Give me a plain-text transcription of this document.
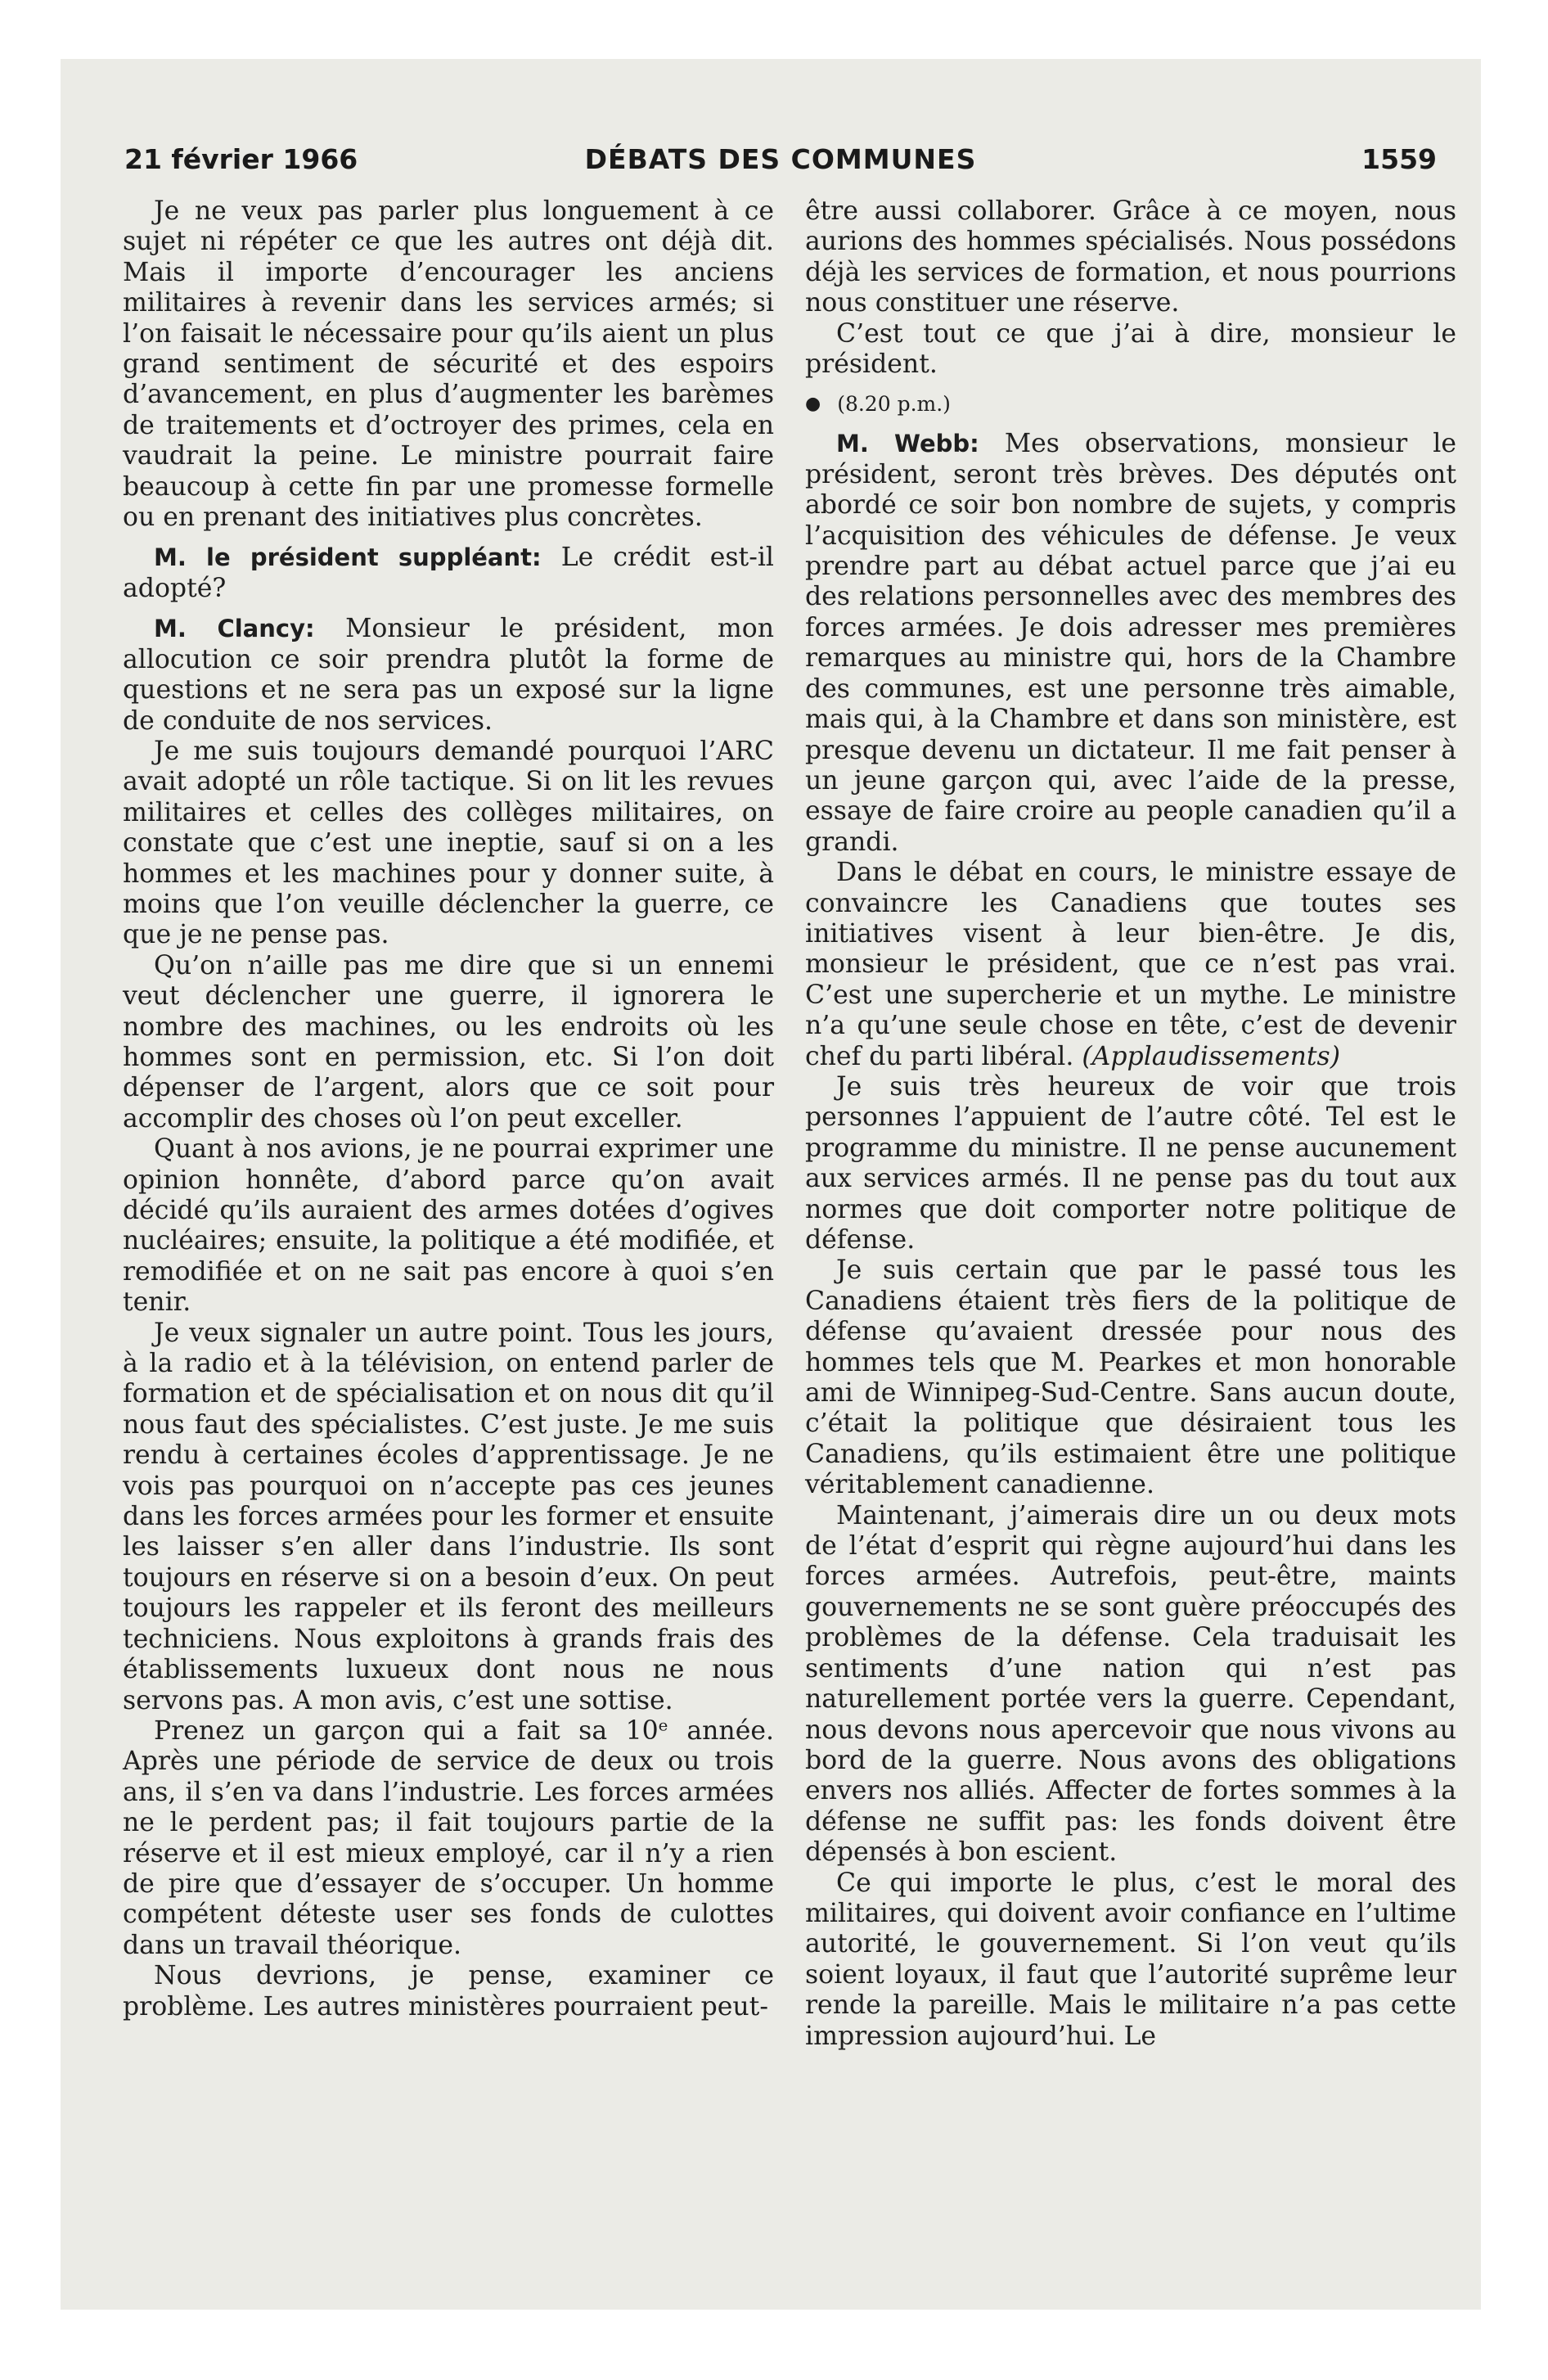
21 février 1966	DÉBATS DES COMMUNES	1559

Je ne veux pas parler plus longuement à ce sujet ni répéter ce que les autres ont déjà dit. Mais il importe d’encourager les anciens militaires à revenir dans les services armés; si l’on faisait le nécessaire pour qu’ils aient un plus grand sentiment de sécurité et des espoirs d’avancement, en plus d’augmenter les barèmes de traitements et d’octroyer des primes, cela en vaudrait la peine. Le ministre pourrait faire beaucoup à cette fin par une promesse formelle ou en prenant des initiatives plus concrètes.

M. le président suppléant: Le crédit est-il adopté?

M. Clancy: Monsieur le président, mon allocution ce soir prendra plutôt la forme de questions et ne sera pas un exposé sur la ligne de conduite de nos services.

Je me suis toujours demandé pourquoi l’ARC avait adopté un rôle tactique. Si on lit les revues militaires et celles des collèges militaires, on constate que c’est une ineptie, sauf si on a les hommes et les machines pour y donner suite, à moins que l’on veuille déclencher la guerre, ce que je ne pense pas.

Qu’on n’aille pas me dire que si un ennemi veut déclencher une guerre, il ignorera le nombre des machines, ou les endroits où les hommes sont en permission, etc. Si l’on doit dépenser de l’argent, alors que ce soit pour accomplir des choses où l’on peut exceller.

Quant à nos avions, je ne pourrai exprimer une opinion honnête, d’abord parce qu’on avait décidé qu’ils auraient des armes dotées d’ogives nucléaires; ensuite, la politique a été modifiée, et remodifiée et on ne sait pas encore à quoi s’en tenir.

Je veux signaler un autre point. Tous les jours, à la radio et à la télévision, on entend parler de formation et de spécialisation et on nous dit qu’il nous faut des spécialistes. C’est juste. Je me suis rendu à certaines écoles d’apprentissage. Je ne vois pas pourquoi on n’accepte pas ces jeunes dans les forces armées pour les former et ensuite les laisser s’en aller dans l’industrie. Ils sont toujours en réserve si on a besoin d’eux. On peut toujours les rappeler et ils feront des meilleurs techniciens. Nous exploitons à grands frais des établissements luxueux dont nous ne nous servons pas. A mon avis, c’est une sottise.

Prenez un garçon qui a fait sa 10ᵉ année. Après une période de service de deux ou trois ans, il s’en va dans l’industrie. Les forces armées ne le perdent pas; il fait toujours partie de la réserve et il est mieux employé, car il n’y a rien de pire que d’essayer de s’occuper. Un homme compétent déteste user ses fonds de culottes dans un travail théorique.

Nous devrions, je pense, examiner ce problème. Les autres ministères pourraient peut-

être aussi collaborer. Grâce à ce moyen, nous aurions des hommes spécialisés. Nous possédons déjà les services de formation, et nous pourrions nous constituer une réserve.

C’est tout ce que j’ai à dire, monsieur le président.

● (8.20 p.m.)

M. Webb: Mes observations, monsieur le président, seront très brèves. Des députés ont abordé ce soir bon nombre de sujets, y compris l’acquisition des véhicules de défense. Je veux prendre part au débat actuel parce que j’ai eu des relations personnelles avec des membres des forces armées. Je dois adresser mes premières remarques au ministre qui, hors de la Chambre des communes, est une personne très aimable, mais qui, à la Chambre et dans son ministère, est presque devenu un dictateur. Il me fait penser à un jeune garçon qui, avec l’aide de la presse, essaye de faire croire au people canadien qu’il a grandi.

Dans le débat en cours, le ministre essaye de convaincre les Canadiens que toutes ses initiatives visent à leur bien-être. Je dis, monsieur le président, que ce n’est pas vrai. C’est une supercherie et un mythe. Le ministre n’a qu’une seule chose en tête, c’est de devenir chef du parti libéral. (Applaudissements)

Je suis très heureux de voir que trois personnes l’appuient de l’autre côté. Tel est le programme du ministre. Il ne pense aucunement aux services armés. Il ne pense pas du tout aux normes que doit comporter notre politique de défense.

Je suis certain que par le passé tous les Canadiens étaient très fiers de la politique de défense qu’avaient dressée pour nous des hommes tels que M. Pearkes et mon honorable ami de Winnipeg-Sud-Centre. Sans aucun doute, c’était la politique que désiraient tous les Canadiens, qu’ils estimaient être une politique véritablement canadienne.

Maintenant, j’aimerais dire un ou deux mots de l’état d’esprit qui règne aujourd’hui dans les forces armées. Autrefois, peut-être, maints gouvernements ne se sont guère préoccupés des problèmes de la défense. Cela traduisait les sentiments d’une nation qui n’est pas naturellement portée vers la guerre. Cependant, nous devons nous apercevoir que nous vivons au bord de la guerre. Nous avons des obligations envers nos alliés. Affecter de fortes sommes à la défense ne suffit pas: les fonds doivent être dépensés à bon escient.

Ce qui importe le plus, c’est le moral des militaires, qui doivent avoir confiance en l’ultime autorité, le gouvernement. Si l’on veut qu’ils soient loyaux, il faut que l’autorité suprême leur rende la pareille. Mais le militaire n’a pas cette impression aujourd’hui. Le
